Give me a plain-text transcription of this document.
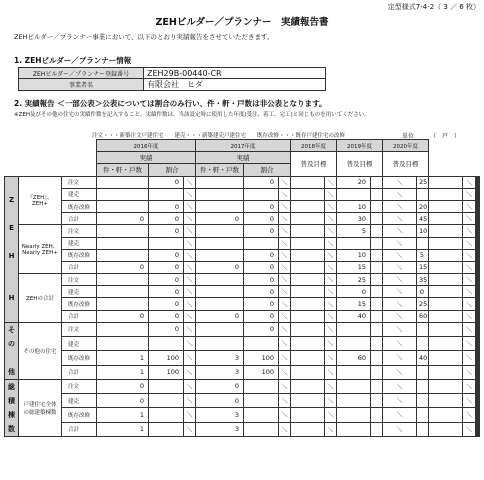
定型様式7-4-2（ 3 ／ 6 枚）
ZEHビルダー／プランナー　実績報告書
ZEHビルダー／プランナー事業において、以下のとおり実績報告をさせていただきます。
1. ZEHビルダー／プランナー情報
ZEHビルダー／プランナー登録番号	ZEH29B-00440-CR
事業者名	有限会社　ヒダ
2. 実績報告 ＜一部公表＞公表については割合のみ行い、件・軒・戸数は非公表となります。
※ZEH及びその他の住宅の実績件数を記入すること。実績件数は、当該設定時に使用した年度(受注、着工、完工)と同じものを用いてください。
注文・・・新築注文戸建住宅　　建売・・・新築建売戸建住宅　　既存改修・・・既存戸建住宅の改修	単位	（　戸　）
			2016年度			2017年度			2018年度		2019年度		2020年度					
			実績			実績			普及目標		普及目標		普及目標					
			件・軒・戸数	割合		件・軒・戸数	割合											
Z

E

H

H	『ZEH』、ZEH+	注文		0	＼		0	＼		＼	20		＼	25		＼					
		建売			＼			＼		＼			＼			＼					
		既存改修		0	＼		0	＼		＼	10		＼	20		＼					
		合計	0	0	＼	0	0	＼		＼	30		＼	45		＼					
	Nearly ZEH、Nearly ZEH+	注文		0	＼		0	＼		＼	5		＼	10		＼					
		建売			＼			＼		＼			＼			＼					
		既存改修		0	＼		0	＼		＼	10		＼	5		＼					
		合計	0	0	＼	0	0	＼		＼	15		＼	15		＼					
	ZEHの合計	注文		0	＼		0	＼		＼	25		＼	35		＼					
		建売		0	＼		0	＼		＼	0		＼	0		＼					
		既存改修		0	＼		0	＼		＼	15		＼	25		＼					
		合計	0	0	＼	0	0	＼		＼	40		＼	60		＼					
そ
の

他	その他の住宅	注文		0	＼		0	＼		＼			＼			＼					
		建売			＼			＼		＼			＼			＼					
		既存改修	1	100	＼	3	100	＼		＼	60		＼	40		＼					
		合計	1	100	＼	3	100	＼		＼			＼			＼					
総
積
棟
数	戸建住宅全体の総建築棟数	注文	0		＼	0		＼		＼			＼			＼					
		建売	0		＼	0		＼		＼			＼			＼					
		既存改修	1		＼	3		＼		＼			＼			＼					
		合計	1		＼	3		＼		＼			＼			＼					
